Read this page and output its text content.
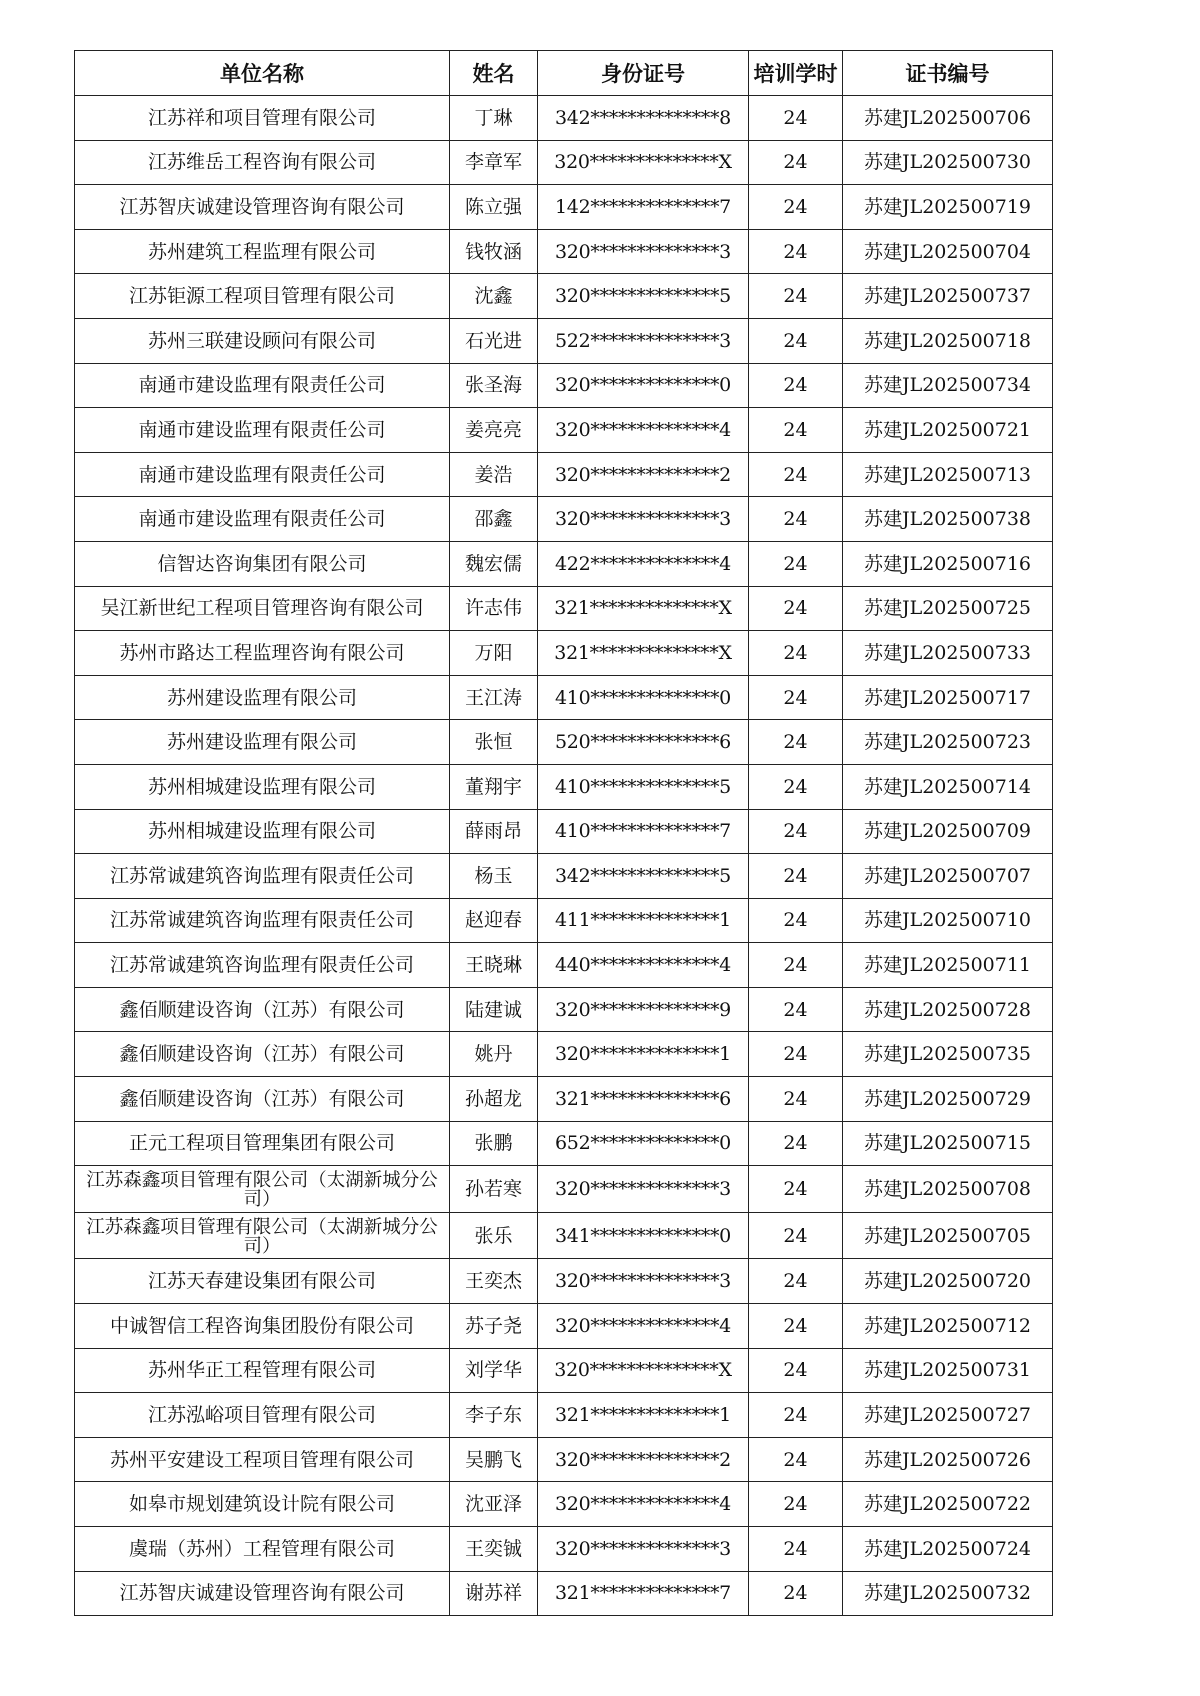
单位名称	姓名	身份证号	培训学时	证书编号
江苏祥和项目管理有限公司	丁琳	342**************8	24	苏建JL202500706
江苏维岳工程咨询有限公司	李章军	320**************X	24	苏建JL202500730
江苏智庆诚建设管理咨询有限公司	陈立强	142**************7	24	苏建JL202500719
苏州建筑工程监理有限公司	钱牧涵	320**************3	24	苏建JL202500704
江苏钜源工程项目管理有限公司	沈鑫	320**************5	24	苏建JL202500737
苏州三联建设顾问有限公司	石光进	522**************3	24	苏建JL202500718
南通市建设监理有限责任公司	张圣海	320**************0	24	苏建JL202500734
南通市建设监理有限责任公司	姜亮亮	320**************4	24	苏建JL202500721
南通市建设监理有限责任公司	姜浩	320**************2	24	苏建JL202500713
南通市建设监理有限责任公司	邵鑫	320**************3	24	苏建JL202500738
信智达咨询集团有限公司	魏宏儒	422**************4	24	苏建JL202500716
吴江新世纪工程项目管理咨询有限公司	许志伟	321**************X	24	苏建JL202500725
苏州市路达工程监理咨询有限公司	万阳	321**************X	24	苏建JL202500733
苏州建设监理有限公司	王江涛	410**************0	24	苏建JL202500717
苏州建设监理有限公司	张恒	520**************6	24	苏建JL202500723
苏州相城建设监理有限公司	董翔宇	410**************5	24	苏建JL202500714
苏州相城建设监理有限公司	薛雨昂	410**************7	24	苏建JL202500709
江苏常诚建筑咨询监理有限责任公司	杨玉	342**************5	24	苏建JL202500707
江苏常诚建筑咨询监理有限责任公司	赵迎春	411**************1	24	苏建JL202500710
江苏常诚建筑咨询监理有限责任公司	王晓琳	440**************4	24	苏建JL202500711
鑫佰顺建设咨询（江苏）有限公司	陆建诚	320**************9	24	苏建JL202500728
鑫佰顺建设咨询（江苏）有限公司	姚丹	320**************1	24	苏建JL202500735
鑫佰顺建设咨询（江苏）有限公司	孙超龙	321**************6	24	苏建JL202500729
正元工程项目管理集团有限公司	张鹏	652**************0	24	苏建JL202500715
江苏森鑫项目管理有限公司（太湖新城分公司）	孙若寒	320**************3	24	苏建JL202500708
江苏森鑫项目管理有限公司（太湖新城分公司）	张乐	341**************0	24	苏建JL202500705
江苏天春建设集团有限公司	王奕杰	320**************3	24	苏建JL202500720
中诚智信工程咨询集团股份有限公司	苏子尧	320**************4	24	苏建JL202500712
苏州华正工程管理有限公司	刘学华	320**************X	24	苏建JL202500731
江苏泓峪项目管理有限公司	李子东	321**************1	24	苏建JL202500727
苏州平安建设工程项目管理有限公司	吴鹏飞	320**************2	24	苏建JL202500726
如皋市规划建筑设计院有限公司	沈亚泽	320**************4	24	苏建JL202500722
虞瑞（苏州）工程管理有限公司	王奕铖	320**************3	24	苏建JL202500724
江苏智庆诚建设管理咨询有限公司	谢苏祥	321**************7	24	苏建JL202500732
